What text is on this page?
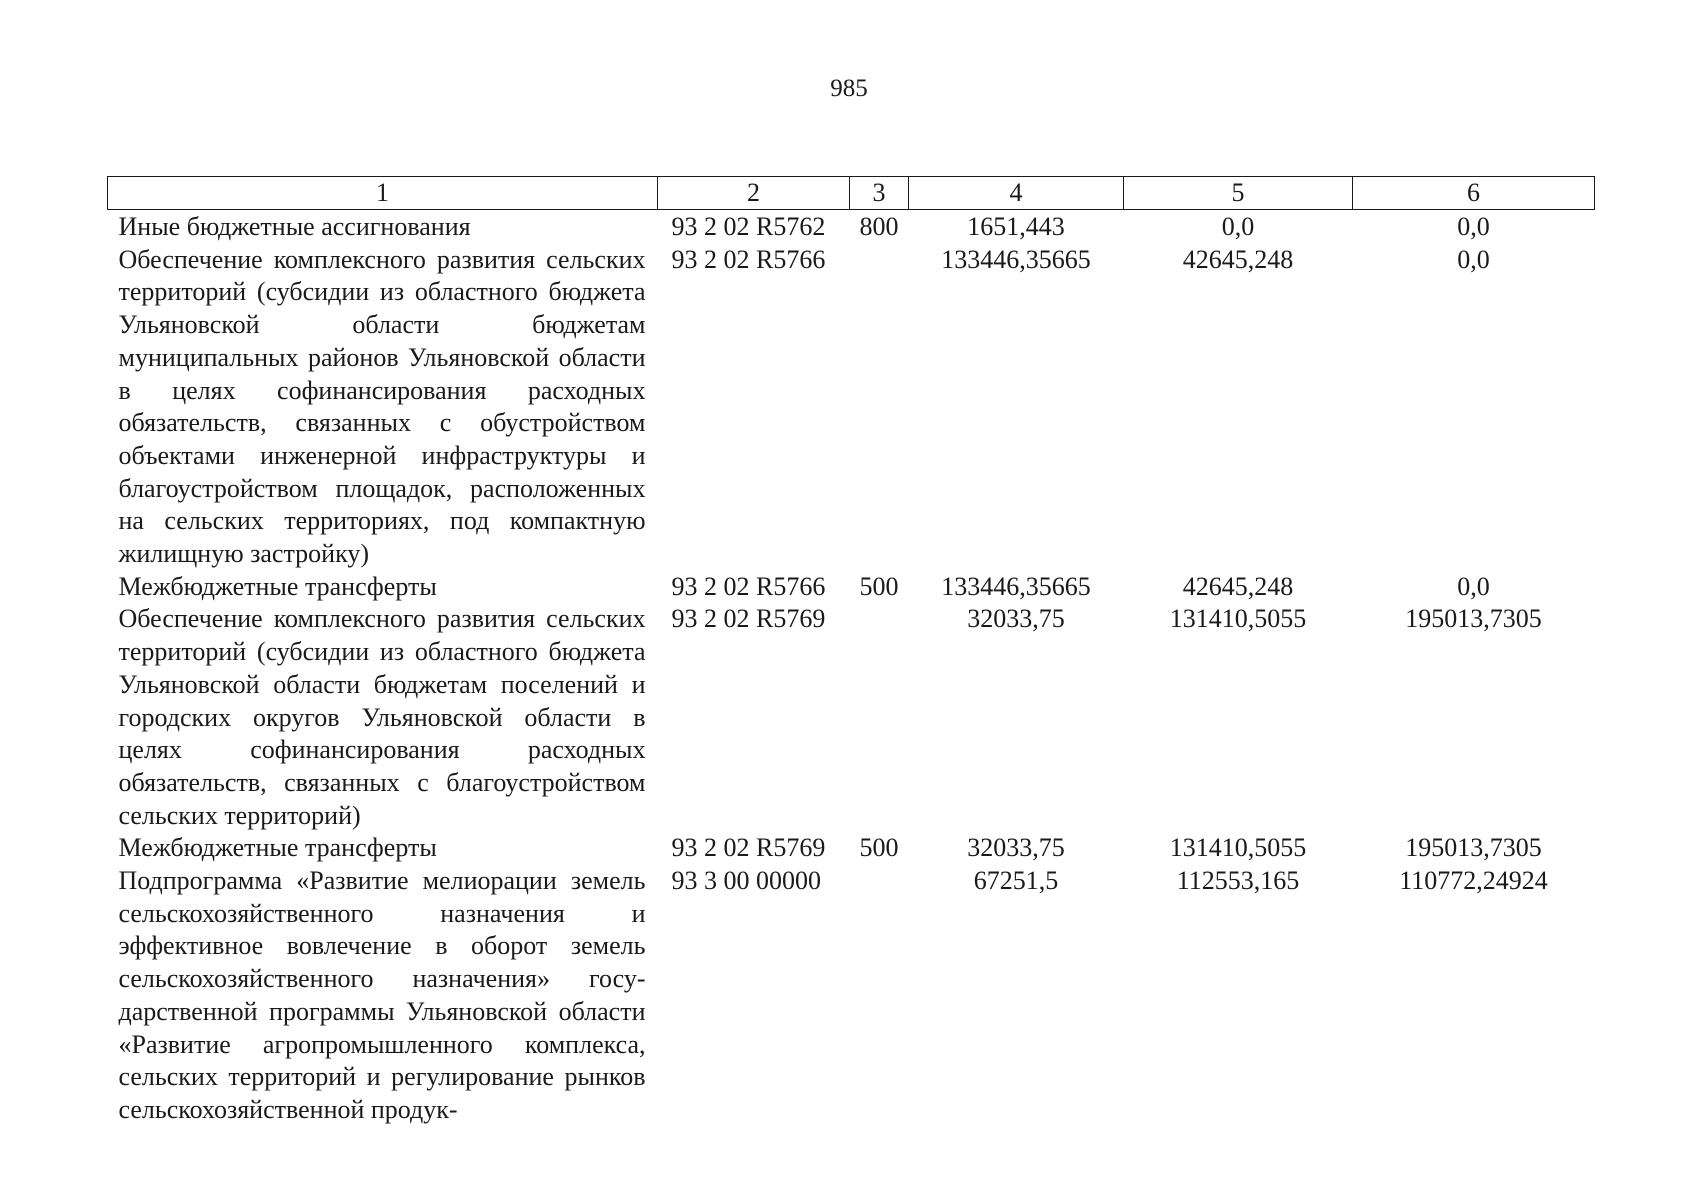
985
1	2	3	4	5	6
Иные бюджетные ассигнования	93 2 02 R5762	800	1651,443	0,0	0,0
Обеспечение комплексного развития сельских территорий (субсидии из областного бюджета Ульяновской области бюджетам муниципальных районов Ульяновской области в целях софинансирования расходных обязательств, связанных с обустройством объектами инженерной инфраструктуры и благоустройством площадок, расположенных на сельских территориях, под компактную жилищную застройку)	93 2 02 R5766		133446,35665	42645,248	0,0
Межбюджетные трансферты	93 2 02 R5766	500	133446,35665	42645,248	0,0
Обеспечение комплексного развития сельских территорий (субсидии из областного бюджета Ульяновской области бюджетам поселений и городских округов Ульяновской области в целях софинансирования расходных обязательств, связанных с благоустройством сельских территорий)	93 2 02 R5769		32033,75	131410,5055	195013,7305
Межбюджетные трансферты	93 2 02 R5769	500	32033,75	131410,5055	195013,7305
Подпрограмма «Развитие мелиорации земель сельскохозяйственного назначения и эффективное вовлечение в оборот земель сельскохозяйственного назначения» государственной программы Ульяновской области «Развитие агропромышленного комплекса, сельских территорий и регулирование рынков сельскохозяйственной продук-	93 3 00 00000		67251,5	112553,165	110772,24924
